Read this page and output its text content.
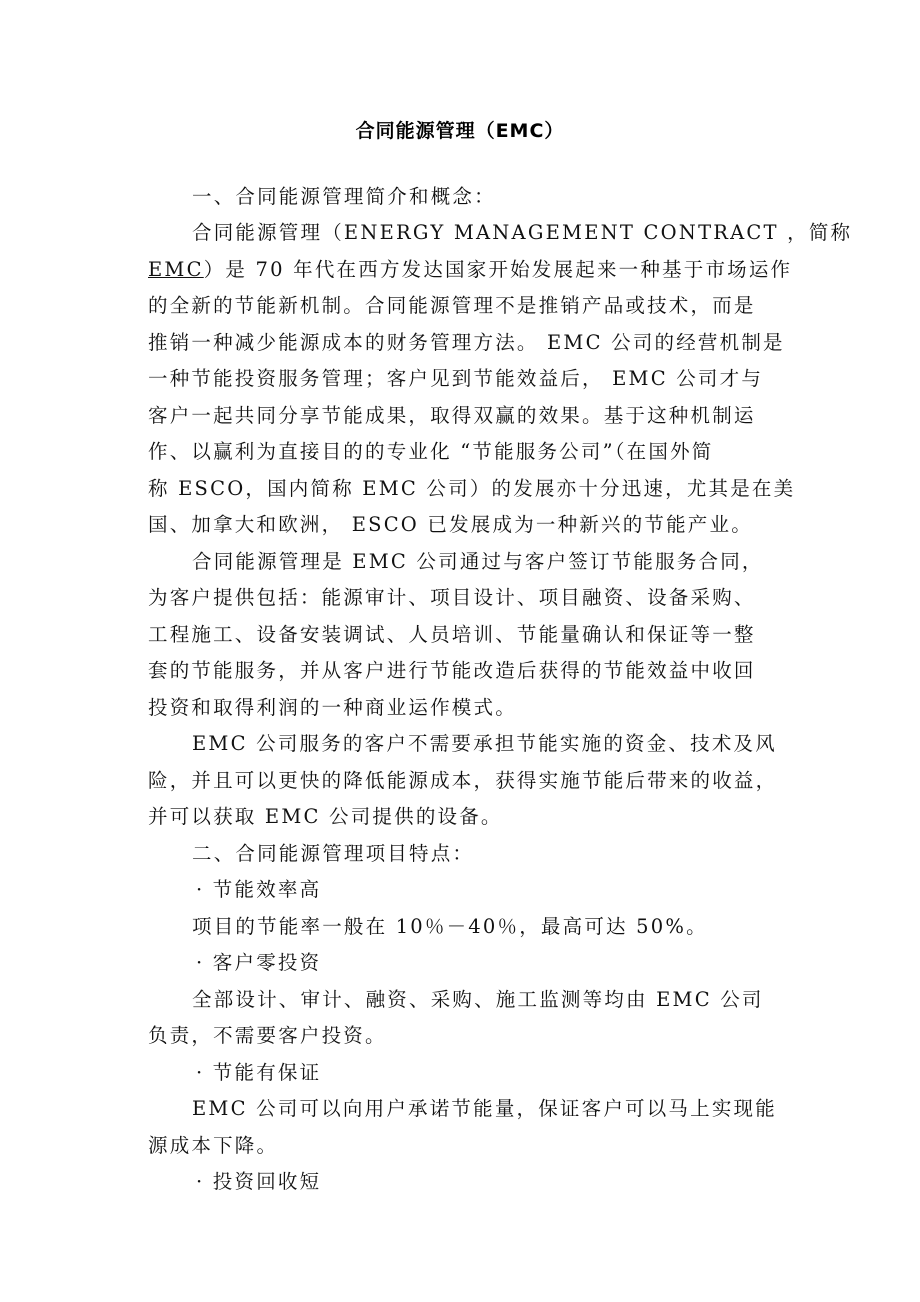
合同能源管理（EMC）
一、合同能源管理简介和概念：
合同能源管理（ENERGY MANAGEMENT CONTRACT ，简称
EMC）是 70 年代在西方发达国家开始发展起来一种基于市场运作
的全新的节能新机制。合同能源管理不是推销产品或技术，而是
推销一种减少能源成本的财务管理方法。 EMC 公司的经营机制是
一种节能投资服务管理；客户见到节能效益后， EMC 公司才与
客户一起共同分享节能成果，取得双赢的效果。基于这种机制运
作、以赢利为直接目的的专业化 “节能服务公司”（在国外简
称 ESCO，国内简称 EMC 公司）的发展亦十分迅速，尤其是在美
国、加拿大和欧洲， ESCO 已发展成为一种新兴的节能产业。
合同能源管理是 EMC 公司通过与客户签订节能服务合同，
为客户提供包括：能源审计、项目设计、项目融资、设备采购、
工程施工、设备安装调试、人员培训、节能量确认和保证等一整
套的节能服务，并从客户进行节能改造后获得的节能效益中收回
投资和取得利润的一种商业运作模式。
EMC 公司服务的客户不需要承担节能实施的资金、技术及风
险，并且可以更快的降低能源成本，获得实施节能后带来的收益，
并可以获取 EMC 公司提供的设备。
二、合同能源管理项目特点：
· 节能效率高
项目的节能率一般在 10％－40％，最高可达 50%。
· 客户零投资
全部设计、审计、融资、采购、施工监测等均由 EMC 公司
负责，不需要客户投资。
· 节能有保证
EMC 公司可以向用户承诺节能量，保证客户可以马上实现能
源成本下降。
· 投资回收短
